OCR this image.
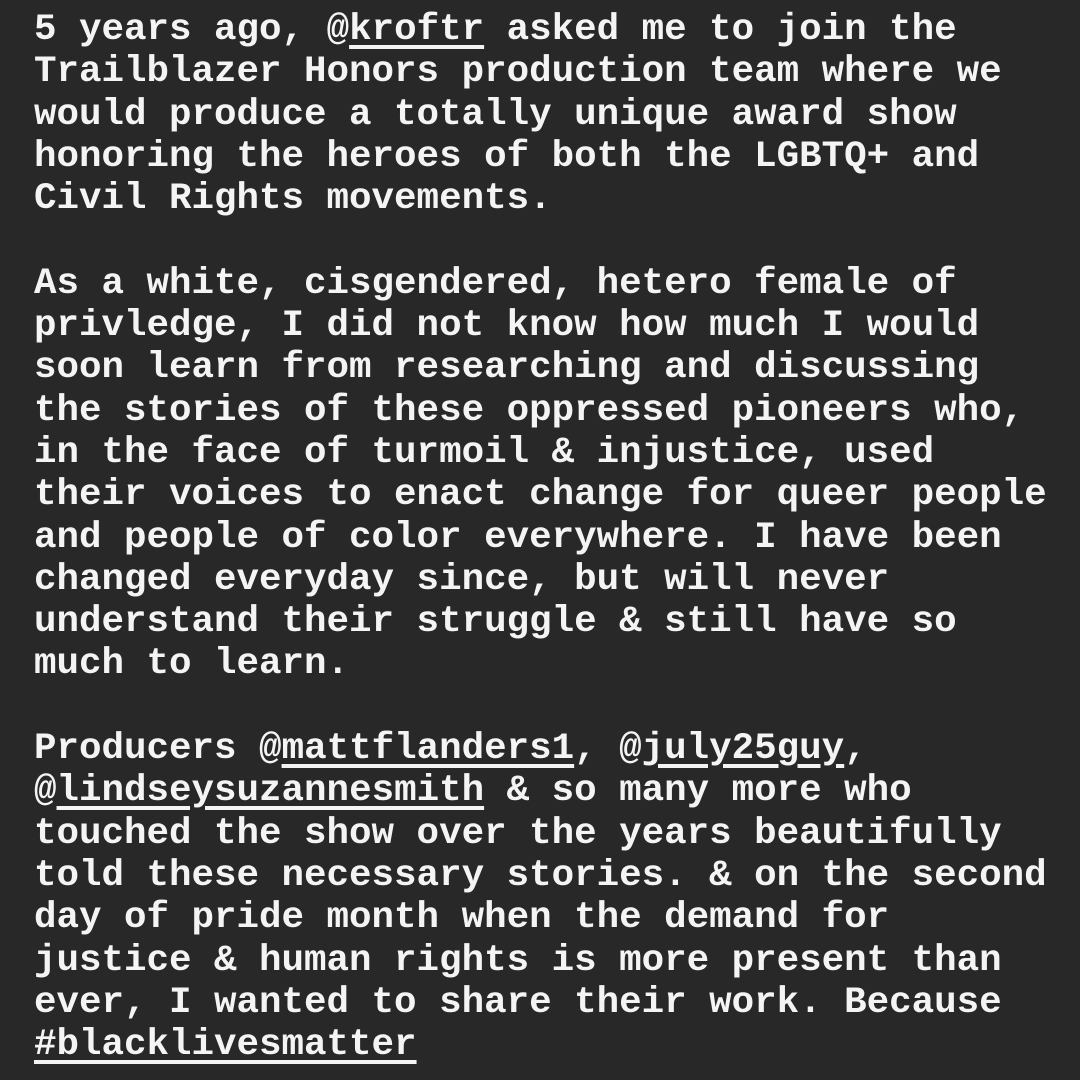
5 years ago, @kroftr asked me to join the
Trailblazer Honors production team where we
would produce a totally unique award show
honoring the heroes of both the LGBTQ+ and
Civil Rights movements.
As a white, cisgendered, hetero female of
privledge, I did not know how much I would
soon learn from researching and discussing
the stories of these oppressed pioneers who,
in the face of turmoil & injustice, used
their voices to enact change for queer people
and people of color everywhere. I have been
changed everyday since, but will never
understand their struggle & still have so
much to learn.
Producers @mattflanders1, @july25guy,
@lindseysuzannesmith & so many more who
touched the show over the years beautifully
told these necessary stories. & on the second
day of pride month when the demand for
justice & human rights is more present than
ever, I wanted to share their work. Because
#blacklivesmatter
